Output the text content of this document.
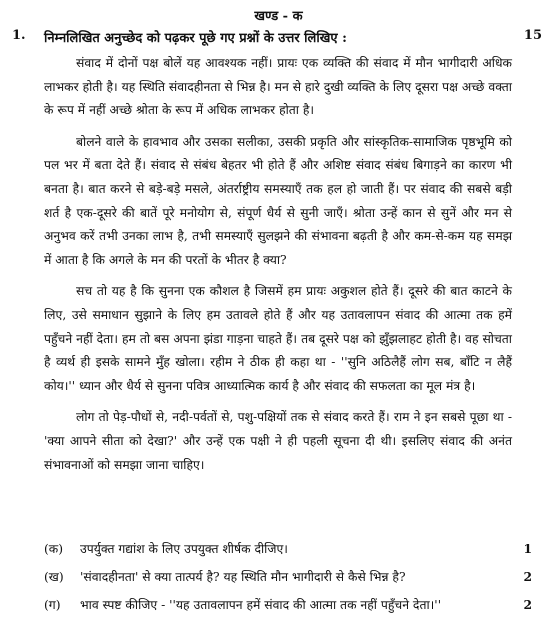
खण्ड - क
1. निम्नलिखित अनुच्छेद को पढ़कर पूछे गए प्रश्नों के उत्तर लिखिए :	15

संवाद में दोनों पक्ष बोलें यह आवश्यक नहीं। प्रायः एक व्यक्ति की संवाद में मौन भागीदारी अधिक लाभकर होती है। यह स्थिति संवादहीनता से भिन्न है। मन से हारे दुखी व्यक्ति के लिए दूसरा पक्ष अच्छे वक्ता के रूप में नहीं अच्छे श्रोता के रूप में अधिक लाभकर होता है।

बोलने वाले के हावभाव और उसका सलीका, उसकी प्रकृति और सांस्कृतिक-सामाजिक पृष्ठभूमि को पल भर में बता देते हैं। संवाद से संबंध बेहतर भी होते हैं और अशिष्ट संवाद संबंध बिगाड़ने का कारण भी बनता है। बात करने से बड़े-बड़े मसले, अंतर्राष्ट्रीय समस्याएँ तक हल हो जाती हैं। पर संवाद की सबसे बड़ी शर्त है एक-दूसरे की बातें पूरे मनोयोग से, संपूर्ण धैर्य से सुनी जाएँ। श्रोता उन्हें कान से सुनें और मन से अनुभव करें तभी उनका लाभ है, तभी समस्याएँ सुलझने की संभावना बढ़ती है और कम-से-कम यह समझ में आता है कि अगले के मन की परतों के भीतर है क्या?

सच तो यह है कि सुनना एक कौशल है जिसमें हम प्रायः अकुशल होते हैं। दूसरे की बात काटने के लिए, उसे समाधान सुझाने के लिए हम उतावले होते हैं और यह उतावलापन संवाद की आत्मा तक हमें पहुँचने नहीं देता। हम तो बस अपना झंडा गाड़ना चाहते हैं। तब दूसरे पक्ष को झुँझलाहट होती है। वह सोचता है व्यर्थ ही इसके सामने मुँह खोला। रहीम ने ठीक ही कहा था - ''सुनि अठिलैहैं लोग सब, बाँटि न लैहैं कोय।'' ध्यान और धैर्य से सुनना पवित्र आध्यात्मिक कार्य है और संवाद की सफलता का मूल मंत्र है।

लोग तो पेड़-पौधों से, नदी-पर्वतों से, पशु-पक्षियों तक से संवाद करते हैं। राम ने इन सबसे पूछा था - 'क्या आपने सीता को देखा?' और उन्हें एक पक्षी ने ही पहली सूचना दी थी। इसलिए संवाद की अनंत संभावनाओं को समझा जाना चाहिए।

(क) उपर्युक्त गद्यांश के लिए उपयुक्त शीर्षक दीजिए।	1
(ख) 'संवादहीनता' से क्या तात्पर्य है? यह स्थिति मौन भागीदारी से कैसे भिन्न है?	2
(ग) भाव स्पष्ट कीजिए - ''यह उतावलापन हमें संवाद की आत्मा तक नहीं पहुँचने देता।''	2
